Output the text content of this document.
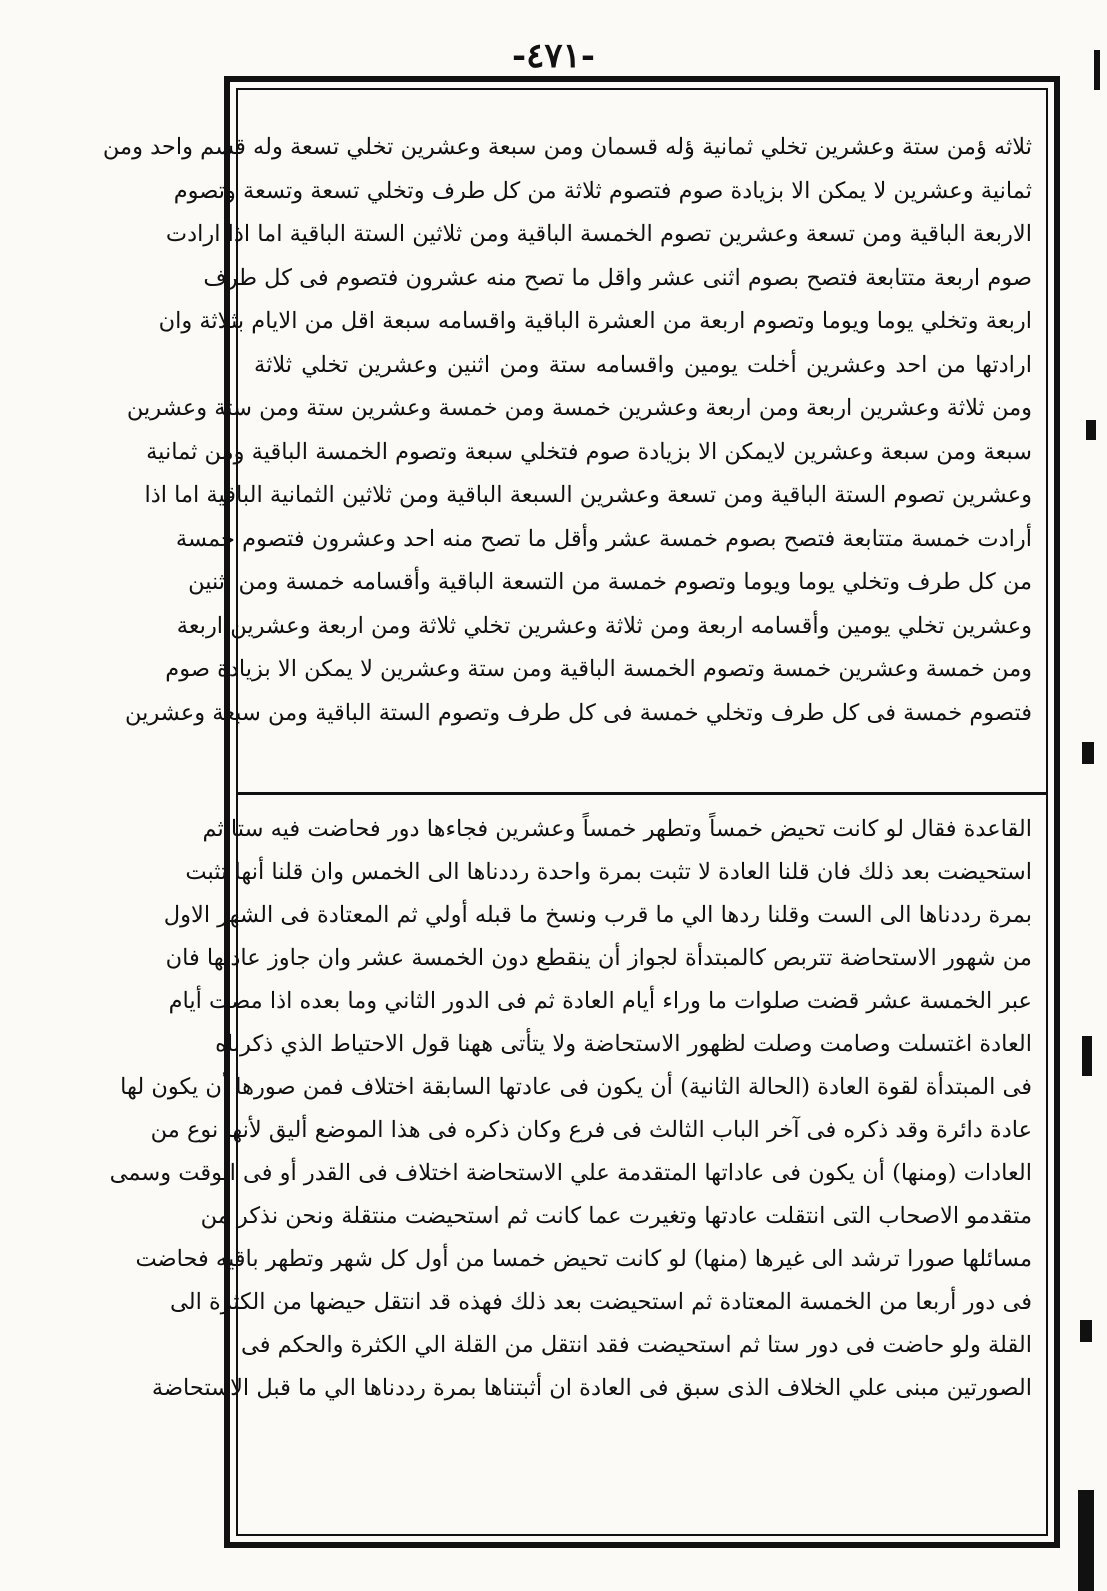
-٤٧١-
ثلاثه ؤمن ستة وعشرين تخلي ثمانية ؤله قسمان ومن سبعة وعشرين تخلي تسعة وله قسم واحد ومن
ثمانية وعشرين لا يمكن الا بزيادة صوم فتصوم ثلاثة من كل طرف وتخلي تسعة وتسعة وتصوم
الاربعة الباقية ومن تسعة وعشرين تصوم الخمسة الباقية ومن ثلاثين الستة الباقية اما اذا ارادت
صوم اربعة متتابعة فتصح بصوم اثنى عشر واقل ما تصح منه عشرون فتصوم فى كل طرف
اربعة وتخلي يوما ويوما وتصوم اربعة من العشرة الباقية واقسامه سبعة اقل من الايام بثلاثة وان
ارادتها من احد وعشرين أخلت يومين واقسامه ستة ومن اثنين وعشرين تخلي ثلاثة
ومن ثلاثة وعشرين اربعة ومن اربعة وعشرين خمسة ومن خمسة وعشرين ستة ومن ستة وعشرين
سبعة ومن سبعة وعشرين لايمكن الا بزيادة صوم فتخلي سبعة وتصوم الخمسة الباقية ومن ثمانية
وعشرين تصوم الستة الباقية ومن تسعة وعشرين السبعة الباقية ومن ثلاثين الثمانية الباقية اما اذا
أرادت خمسة متتابعة فتصح بصوم خمسة عشر وأقل ما تصح منه احد وعشرون فتصوم خمسة
من كل طرف وتخلي يوما ويوما وتصوم خمسة من التسعة الباقية وأقسامه خمسة ومن اثنين
وعشرين تخلي يومين وأقسامه اربعة ومن ثلاثة وعشرين تخلي ثلاثة ومن اربعة وعشرين اربعة
ومن خمسة وعشرين خمسة وتصوم الخمسة الباقية ومن ستة وعشرين لا يمكن الا بزيادة صوم
فتصوم خمسة فى كل طرف وتخلي خمسة فى كل طرف وتصوم الستة الباقية ومن سبعة وعشرين
القاعدة فقال لو كانت تحيض خمساً وتطهر خمساً وعشرين فجاءها دور فحاضت فيه ستا ثم
استحيضت بعد ذلك فان قلنا العادة لا تثبت بمرة واحدة رددناها الى الخمس وان قلنا أنها تثبت
بمرة رددناها الى الست وقلنا ردها الي ما قرب ونسخ ما قبله أولي ثم المعتادة فى الشهر الاول
من شهور الاستحاضة تتربص كالمبتدأة لجواز أن ينقطع دون الخمسة عشر وان جاوز عادتها فان
عبر الخمسة عشر قضت صلوات ما وراء أيام العادة ثم فى الدور الثاني وما بعده اذا مضت أيام
العادة اغتسلت وصامت وصلت لظهور الاستحاضة ولا يتأتى ههنا قول الاحتياط الذي ذكرناه
فى المبتدأة لقوة العادة (الحالة الثانية) أن يكون فى عادتها السابقة اختلاف فمن صورها أن يكون لها
عادة دائرة وقد ذكره فى آخر الباب الثالث فى فرع وكان ذكره فى هذا الموضع أليق لأنها نوع من
العادات (ومنها) أن يكون فى عاداتها المتقدمة علي الاستحاضة اختلاف فى القدر أو فى الوقت وسمى
متقدمو الاصحاب التى انتقلت عادتها وتغيرت عما كانت ثم استحيضت منتقلة ونحن نذكر من
مسائلها صورا ترشد الى غيرها (منها) لو كانت تحيض خمسا من أول كل شهر وتطهر باقيه فحاضت
فى دور أربعا من الخمسة المعتادة ثم استحيضت بعد ذلك فهذه قد انتقل حيضها من الكثرة الى
القلة ولو حاضت فى دور ستا ثم استحيضت فقد انتقل من القلة الي الكثرة والحكم فى
الصورتين مبنى علي الخلاف الذى سبق فى العادة ان أثبتناها بمرة رددناها الي ما قبل الاستحاضة
